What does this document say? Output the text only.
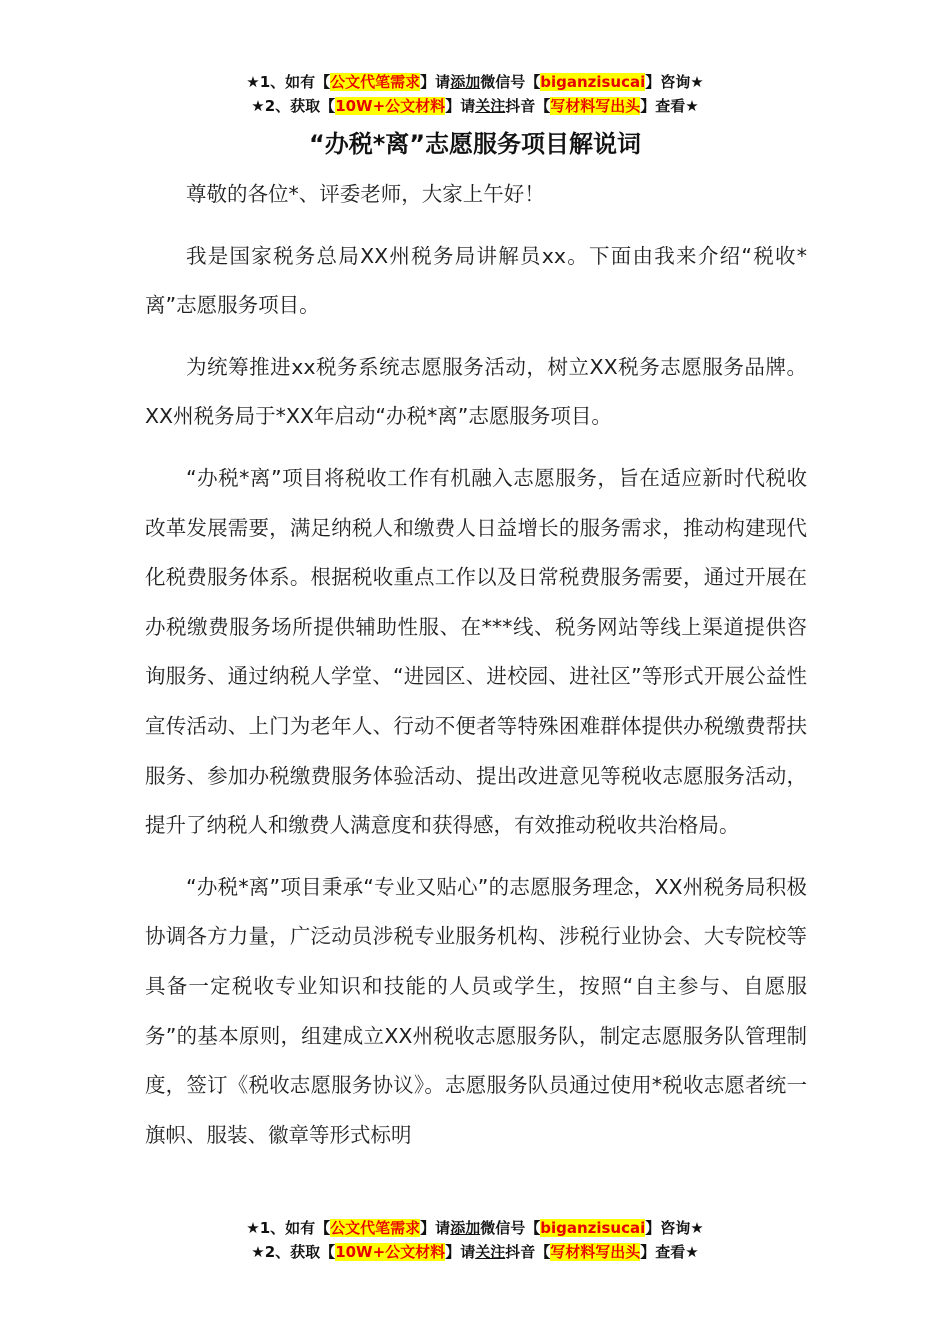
★1、如有【公文代笔需求】请添加微信号【biganzisucai】咨询★
★2、获取【10W+公文材料】请关注抖音【写材料写出头】查看★
“办税*离”志愿服务项目解说词

尊敬的各位*、评委老师，大家上午好！

我是国家税务总局XX州税务局讲解员xx。下面由我来介绍“税收*离”志愿服务项目。

为统筹推进xx税务系统志愿服务活动，树立XX税务志愿服务品牌。XX州税务局于*XX年启动“办税*离”志愿服务项目。

“办税*离”项目将税收工作有机融入志愿服务，旨在适应新时代税收改革发展需要，满足纳税人和缴费人日益增长的服务需求，推动构建现代化税费服务体系。根据税收重点工作以及日常税费服务需要，通过开展在办税缴费服务场所提供辅助性服、在***线、税务网站等线上渠道提供咨询服务、通过纳税人学堂、“进园区、进校园、进社区”等形式开展公益性宣传活动、上门为老年人、行动不便者等特殊困难群体提供办税缴费帮扶服务、参加办税缴费服务体验活动、提出改进意见等税收志愿服务活动，提升了纳税人和缴费人满意度和获得感，有效推动税收共治格局。

“办税*离”项目秉承“专业又贴心”的志愿服务理念，XX州税务局积极协调各方力量，广泛动员涉税专业服务机构、涉税行业协会、大专院校等具备一定税收专业知识和技能的人员或学生，按照“自主参与、自愿服务”的基本原则，组建成立XX州税收志愿服务队，制定志愿服务队管理制度，签订《税收志愿服务协议》。志愿服务队员通过使用*税收志愿者统一旗帜、服装、徽章等形式标明

★1、如有【公文代笔需求】请添加微信号【biganzisucai】咨询★
★2、获取【10W+公文材料】请关注抖音【写材料写出头】查看★
